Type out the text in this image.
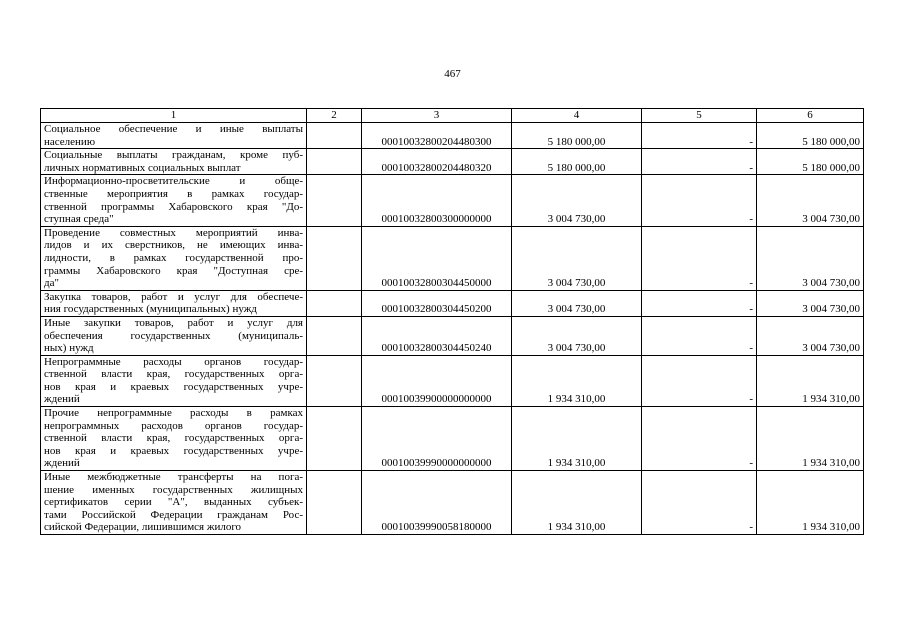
467
1	2	3	4	5	6

Социальное обеспечение и иные выплаты
населению		00010032800204480300	5 180 000,00	-	5 180 000,00

Социальные выплаты гражданам, кроме пуб-
личных нормативных социальных выплат		00010032800204480320	5 180 000,00	-	5 180 000,00

Информационно-просветительские и обще-
ственные мероприятия в рамках государ-
ственной программы Хабаровского края "До-
ступная среда"		00010032800300000000	3 004 730,00	-	3 004 730,00

Проведение совместных мероприятий инва-
лидов и их сверстников, не имеющих инва-
лидности, в рамках государственной про-
граммы Хабаровского края "Доступная сре-
да"		00010032800304450000	3 004 730,00	-	3 004 730,00

Закупка товаров, работ и услуг для обеспече-
ния государственных (муниципальных) нужд		00010032800304450200	3 004 730,00	-	3 004 730,00

Иные закупки товаров, работ и услуг для
обеспечения государственных (муниципаль-
ных) нужд		00010032800304450240	3 004 730,00	-	3 004 730,00

Непрограммные расходы органов государ-
ственной власти края, государственных орга-
нов края и краевых государственных учре-
ждений		00010039900000000000	1 934 310,00	-	1 934 310,00

Прочие непрограммные расходы в рамках
непрограммных расходов органов государ-
ственной власти края, государственных орга-
нов края и краевых государственных учре-
ждений		00010039990000000000	1 934 310,00	-	1 934 310,00

Иные межбюджетные трансферты на пога-
шение именных государственных жилищных
сертификатов серии "А", выданных субъек-
тами Российской Федерации гражданам Рос-
сийской Федерации, лишившимся жилого		00010039990058180000	1 934 310,00	-	1 934 310,00
